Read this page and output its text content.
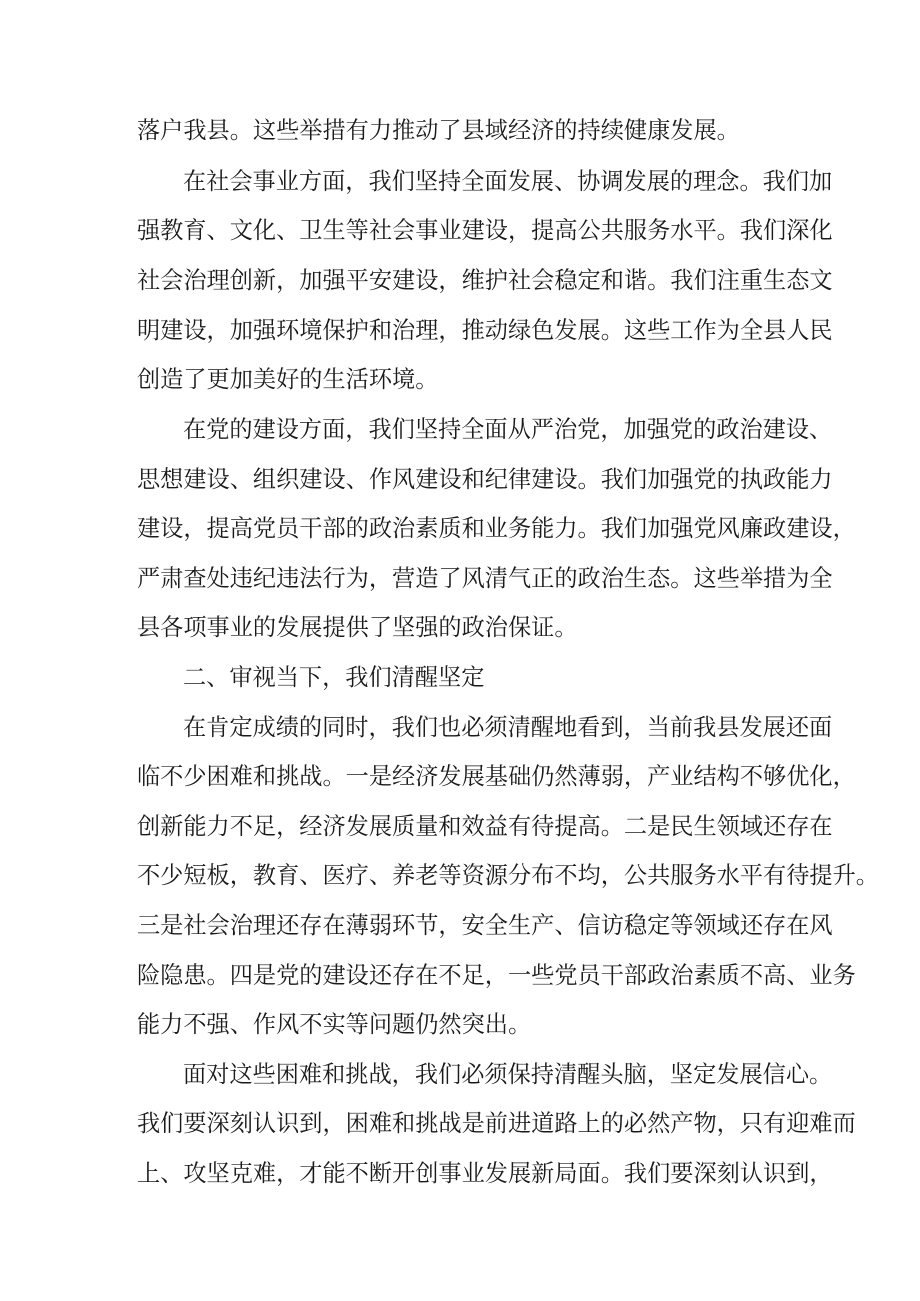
落户我县。这些举措有力推动了县域经济的持续健康发展。

在社会事业方面，我们坚持全面发展、协调发展的理念。我们加

强教育、文化、卫生等社会事业建设，提高公共服务水平。我们深化

社会治理创新，加强平安建设，维护社会稳定和谐。我们注重生态文

明建设，加强环境保护和治理，推动绿色发展。这些工作为全县人民

创造了更加美好的生活环境。

在党的建设方面，我们坚持全面从严治党，加强党的政治建设、

思想建设、组织建设、作风建设和纪律建设。我们加强党的执政能力

建设，提高党员干部的政治素质和业务能力。我们加强党风廉政建设，

严肃查处违纪违法行为，营造了风清气正的政治生态。这些举措为全

县各项事业的发展提供了坚强的政治保证。

二、审视当下，我们清醒坚定

在肯定成绩的同时，我们也必须清醒地看到，当前我县发展还面

临不少困难和挑战。一是经济发展基础仍然薄弱，产业结构不够优化，

创新能力不足，经济发展质量和效益有待提高。二是民生领域还存在

不少短板，教育、医疗、养老等资源分布不均，公共服务水平有待提升。

三是社会治理还存在薄弱环节，安全生产、信访稳定等领域还存在风

险隐患。四是党的建设还存在不足，一些党员干部政治素质不高、业务

能力不强、作风不实等问题仍然突出。

面对这些困难和挑战，我们必须保持清醒头脑，坚定发展信心。

我们要深刻认识到，困难和挑战是前进道路上的必然产物，只有迎难而

上、攻坚克难，才能不断开创事业发展新局面。我们要深刻认识到，
